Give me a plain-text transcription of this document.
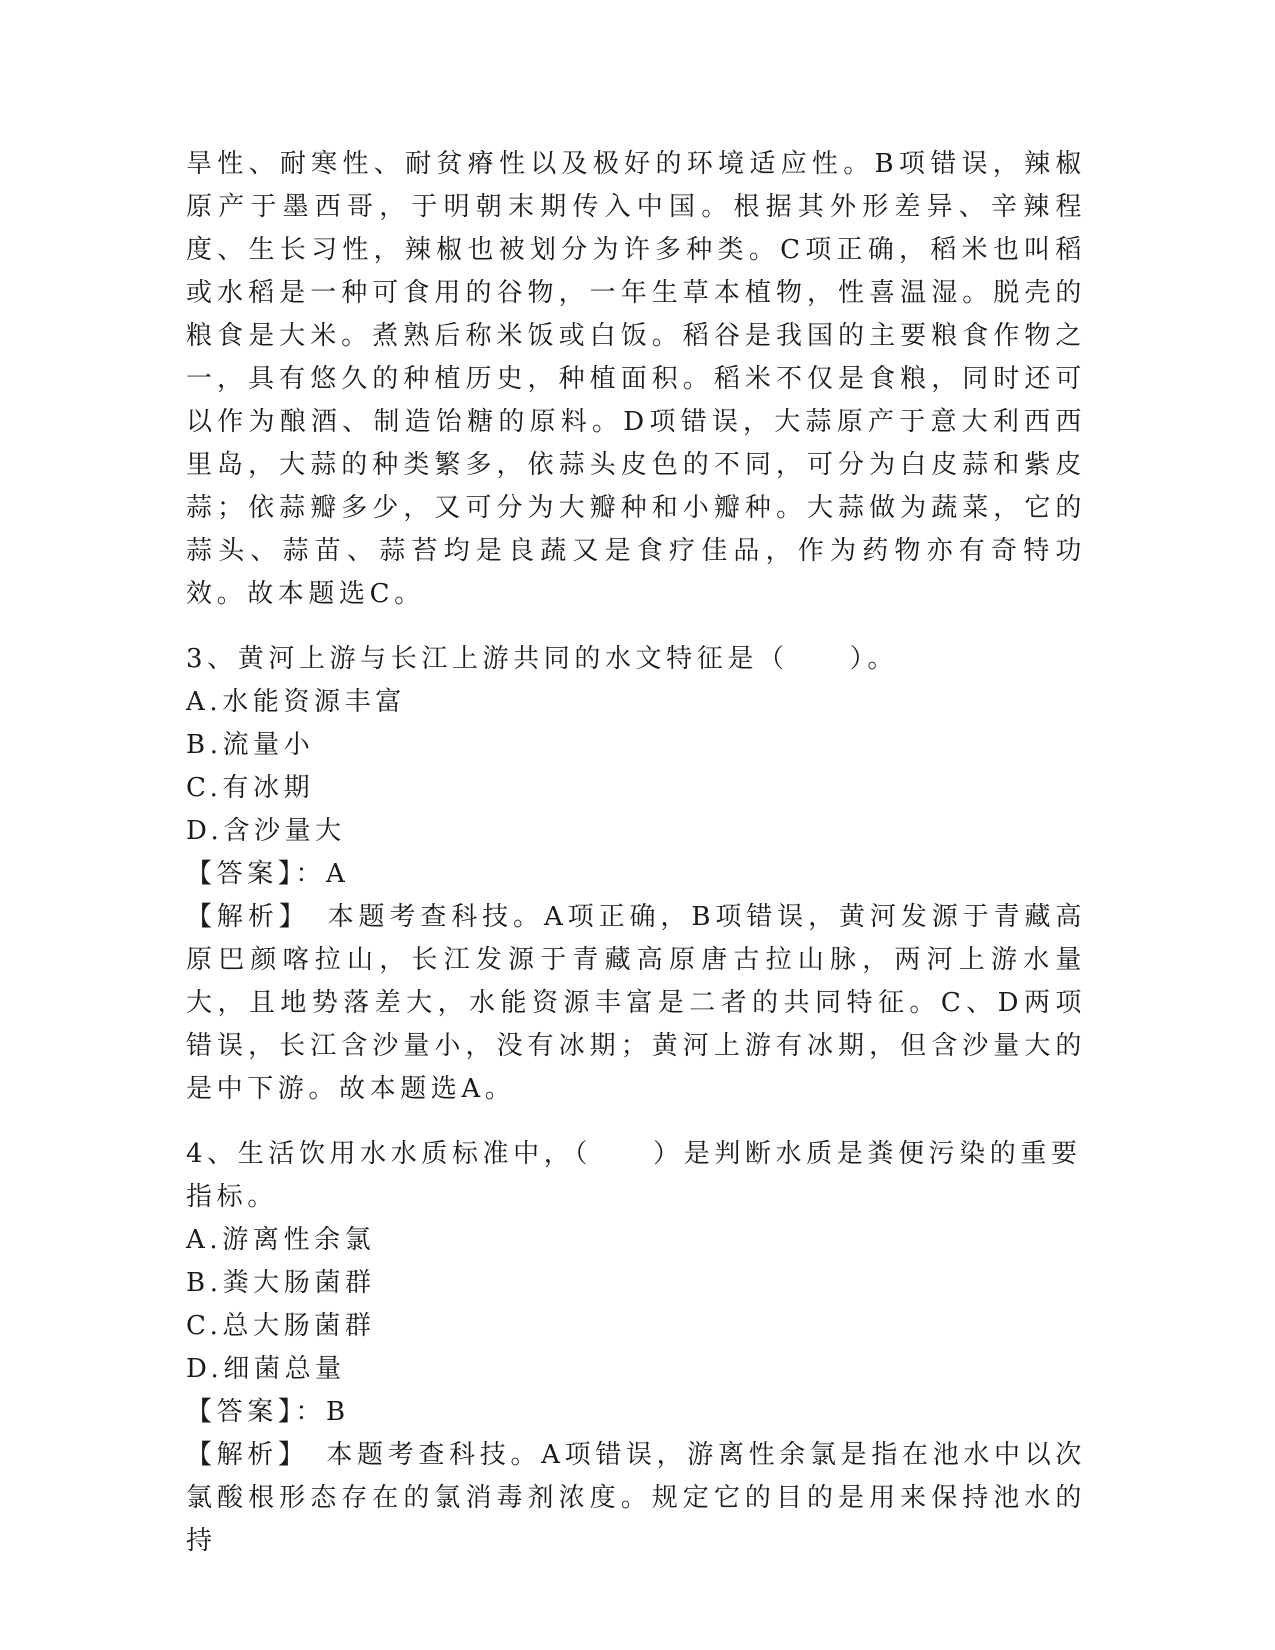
旱性、耐寒性、耐贫瘠性以及极好的环境适应性。B项错误，辣椒原产于墨西哥，于明朝末期传入中国。根据其外形差异、辛辣程度、生长习性，辣椒也被划分为许多种类。C项正确，稻米也叫稻或水稻是一种可食用的谷物，一年生草本植物，性喜温湿。脱壳的粮食是大米。煮熟后称米饭或白饭。稻谷是我国的主要粮食作物之一，具有悠久的种植历史，种植面积。稻米不仅是食粮，同时还可以作为酿酒、制造饴糖的原料。D项错误，大蒜原产于意大利西西里岛，大蒜的种类繁多，依蒜头皮色的不同，可分为白皮蒜和紫皮蒜；依蒜瓣多少，又可分为大瓣种和小瓣种。大蒜做为蔬菜，它的蒜头、蒜苗、蒜苔均是良蔬又是食疗佳品，作为药物亦有奇特功效。故本题选C。

3、黄河上游与长江上游共同的水文特征是（　　）。

A.水能资源丰富

B.流量小

C.有冰期

D.含沙量大

【答案】：A

【解析】　本题考查科技。A项正确，B项错误，黄河发源于青藏高原巴颜喀拉山，长江发源于青藏高原唐古拉山脉，两河上游水量大，且地势落差大，水能资源丰富是二者的共同特征。C、D两项错误，长江含沙量小，没有冰期；黄河上游有冰期，但含沙量大的是中下游。故本题选A。

4、生活饮用水水质标准中，（　　）是判断水质是粪便污染的重要指标。

A.游离性余氯

B.粪大肠菌群

C.总大肠菌群

D.细菌总量

【答案】：B

【解析】　本题考查科技。A项错误，游离性余氯是指在池水中以次氯酸根形态存在的氯消毒剂浓度。规定它的目的是用来保持池水的持
